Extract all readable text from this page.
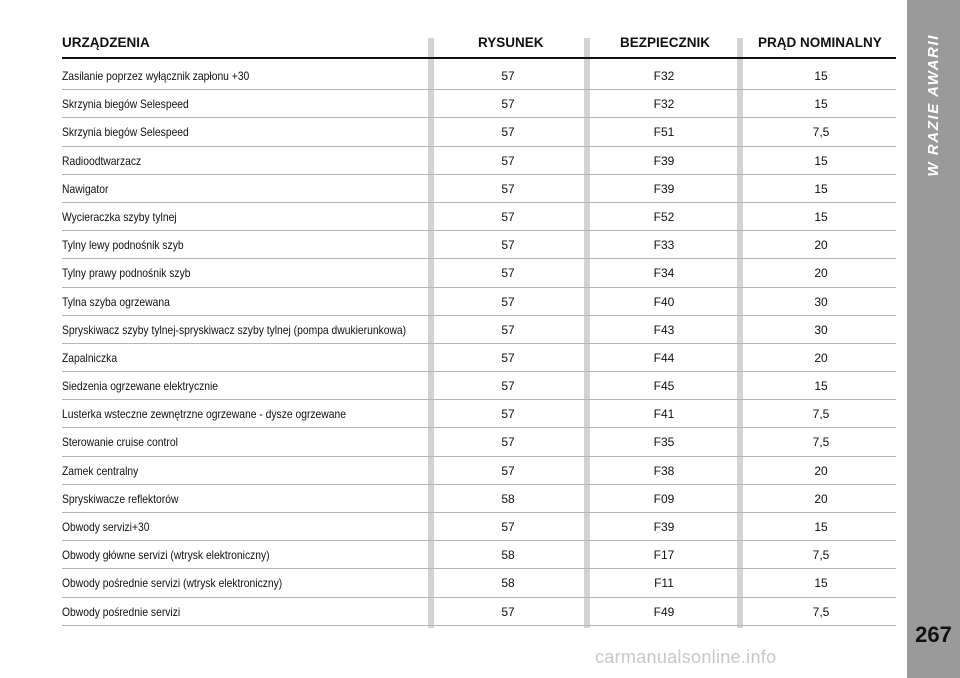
W RAZIE AWARII
267
URZĄDZENIA	RYSUNEK	BEZPIECZNIK	PRĄD NOMINALNY
Zasilanie poprzez wyłącznik zapłonu +30	57	F32	15
Skrzynia biegów Selespeed	57	F32	15
Skrzynia biegów Selespeed	57	F51	7,5
Radioodtwarzacz	57	F39	15
Nawigator	57	F39	15
Wycieraczka szyby tylnej	57	F52	15
Tylny lewy podnośnik szyb	57	F33	20
Tylny prawy podnośnik szyb	57	F34	20
Tylna szyba ogrzewana	57	F40	30
Spryskiwacz szyby tylnej-spryskiwacz szyby tylnej (pompa dwukierunkowa)	57	F43	30
Zapalniczka	57	F44	20
Siedzenia ogrzewane elektrycznie	57	F45	15
Lusterka wsteczne zewnętrzne ogrzewane - dysze ogrzewane	57	F41	7,5
Sterowanie cruise control	57	F35	7,5
Zamek centralny	57	F38	20
Spryskiwacze reflektorów	58	F09	20
Obwody servizi+30	57	F39	15
Obwody główne servizi (wtrysk elektroniczny)	58	F17	7,5
Obwody pośrednie servizi (wtrysk elektroniczny)	58	F11	15
Obwody pośrednie servizi	57	F49	7,5
carmanualsonline.info
